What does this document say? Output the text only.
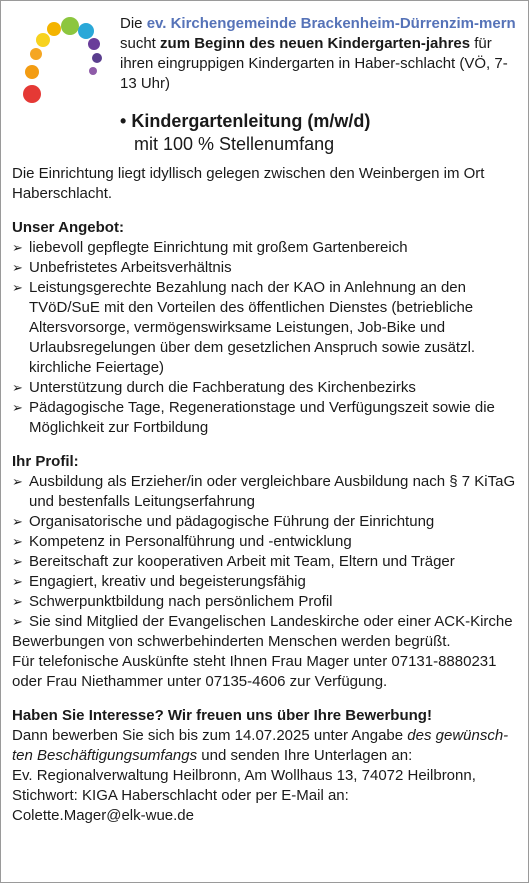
Die ev. Kirchengemeinde Brackenheim-Dürrenzim-mern sucht zum Beginn des neuen Kindergarten-jahres für ihren eingruppigen Kindergarten in Haber-schlacht (VÖ, 7-13 Uhr)
• Kindergartenleitung (m/w/d)
mit 100 % Stellenumfang

Die Einrichtung liegt idyllisch gelegen zwischen den Weinbergen im Ort Haberschlacht.

Unser Angebot:
➢ liebevoll gepflegte Einrichtung mit großem Gartenbereich
➢ Unbefristetes Arbeitsverhältnis
➢ Leistungsgerechte Bezahlung nach der KAO in Anlehnung an den TVöD/SuE mit den Vorteilen des öffentlichen Dienstes (betriebliche Altersvorsorge, vermögenswirksame Leistungen, Job-Bike und Urlaubsregelungen über dem gesetzlichen Anspruch sowie zusätzl. kirchliche Feiertage)
➢ Unterstützung durch die Fachberatung des Kirchenbezirks
➢ Pädagogische Tage, Regenerationstage und Verfügungszeit sowie die Möglichkeit zur Fortbildung
Ihr Profil:
➢ Ausbildung als Erzieher/in oder vergleichbare Ausbildung nach § 7 KiTaG und bestenfalls Leitungserfahrung
➢ Organisatorische und pädagogische Führung der Einrichtung
➢ Kompetenz in Personalführung und -entwicklung
➢ Bereitschaft zur kooperativen Arbeit mit Team, Eltern und Träger
➢ Engagiert, kreativ und begeisterungsfähig
➢ Schwerpunktbildung nach persönlichem Profil
➢ Sie sind Mitglied der Evangelischen Landeskirche oder einer ACK-Kirche

Bewerbungen von schwerbehinderten Menschen werden begrüßt.

Für telefonische Auskünfte steht Ihnen Frau Mager unter 07131-8880231 oder Frau Niethammer unter 07135-4606 zur Verfügung.

Haben Sie Interesse? Wir freuen uns über Ihre Bewerbung!

Dann bewerben Sie sich bis zum 14.07.2025 unter Angabe des gewünsch-ten Beschäftigungsumfangs und senden Ihre Unterlagen an:

Ev. Regionalverwaltung Heilbronn, Am Wollhaus 13, 74072 Heilbronn,

Stichwort: KIGA Haberschlacht oder per E-Mail an:

Colette.Mager@elk-wue.de
